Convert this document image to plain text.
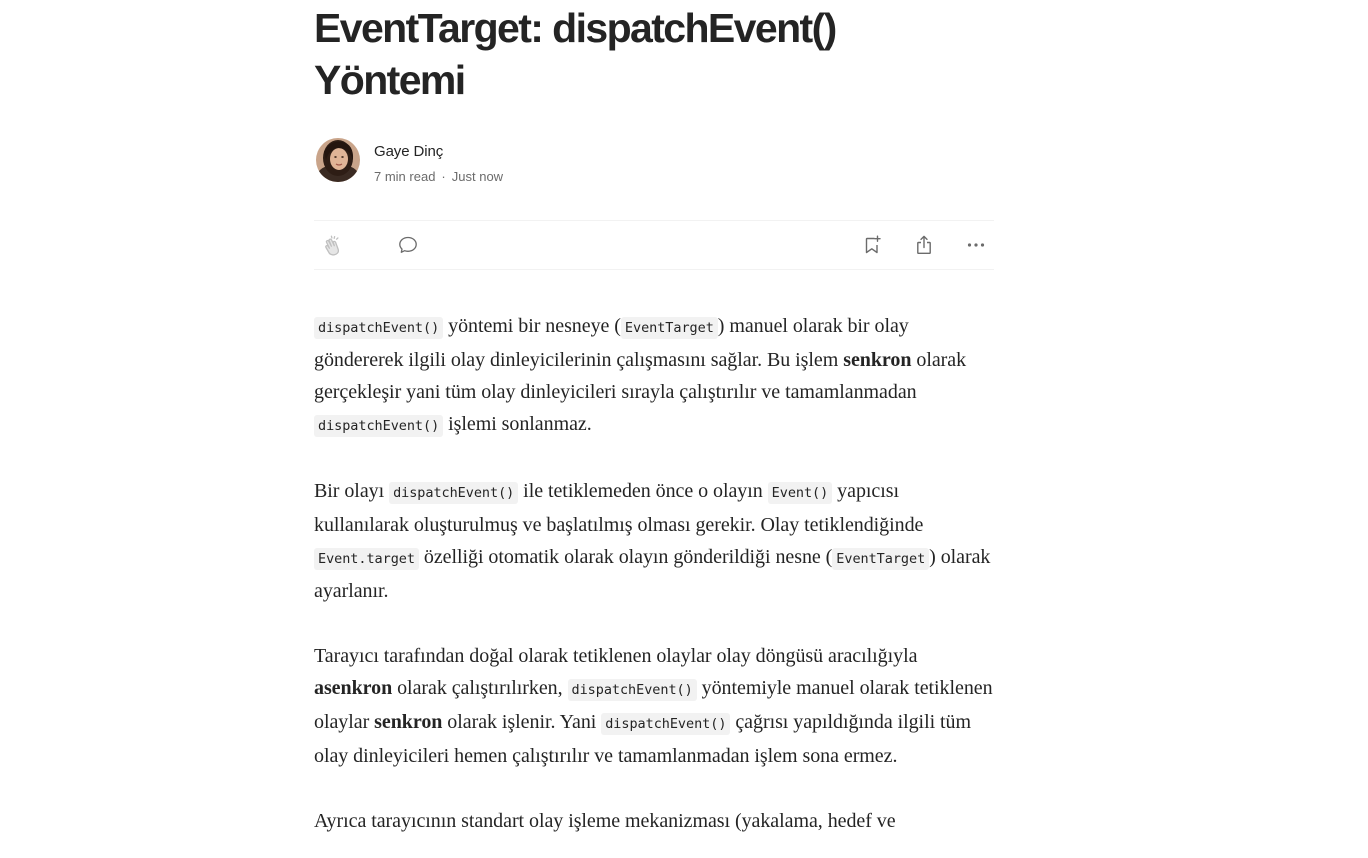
EventTarget: dispatchEvent()
Yöntemi
Gaye Dinç
7 min read · Just now

dispatchEvent() yöntemi bir nesneye ( EventTarget ) manuel olarak bir olay göndererek ilgili olay dinleyicilerinin çalışmasını sağlar. Bu işlem senkron olarak gerçekleşir yani tüm olay dinleyicileri sırayla çalıştırılır ve tamamlanmadan dispatchEvent() işlemi sonlanmaz.

Bir olayı dispatchEvent() ile tetiklemeden önce o olayın Event() yapıcısı kullanılarak oluşturulmuş ve başlatılmış olması gerekir. Olay tetiklendiğinde Event.target özelliği otomatik olarak olayın gönderildiği nesne ( EventTarget ) olarak ayarlanır.

Tarayıcı tarafından doğal olarak tetiklenen olaylar olay döngüsü aracılığıyla asenkron olarak çalıştırılırken, dispatchEvent() yöntemiyle manuel olarak tetiklenen olaylar senkron olarak işlenir. Yani dispatchEvent() çağrısı yapıldığında ilgili tüm olay dinleyicileri hemen çalıştırılır ve tamamlanmadan işlem sona ermez.

Ayrıca tarayıcının standart olay işleme mekanizması (yakalama, hedef ve
